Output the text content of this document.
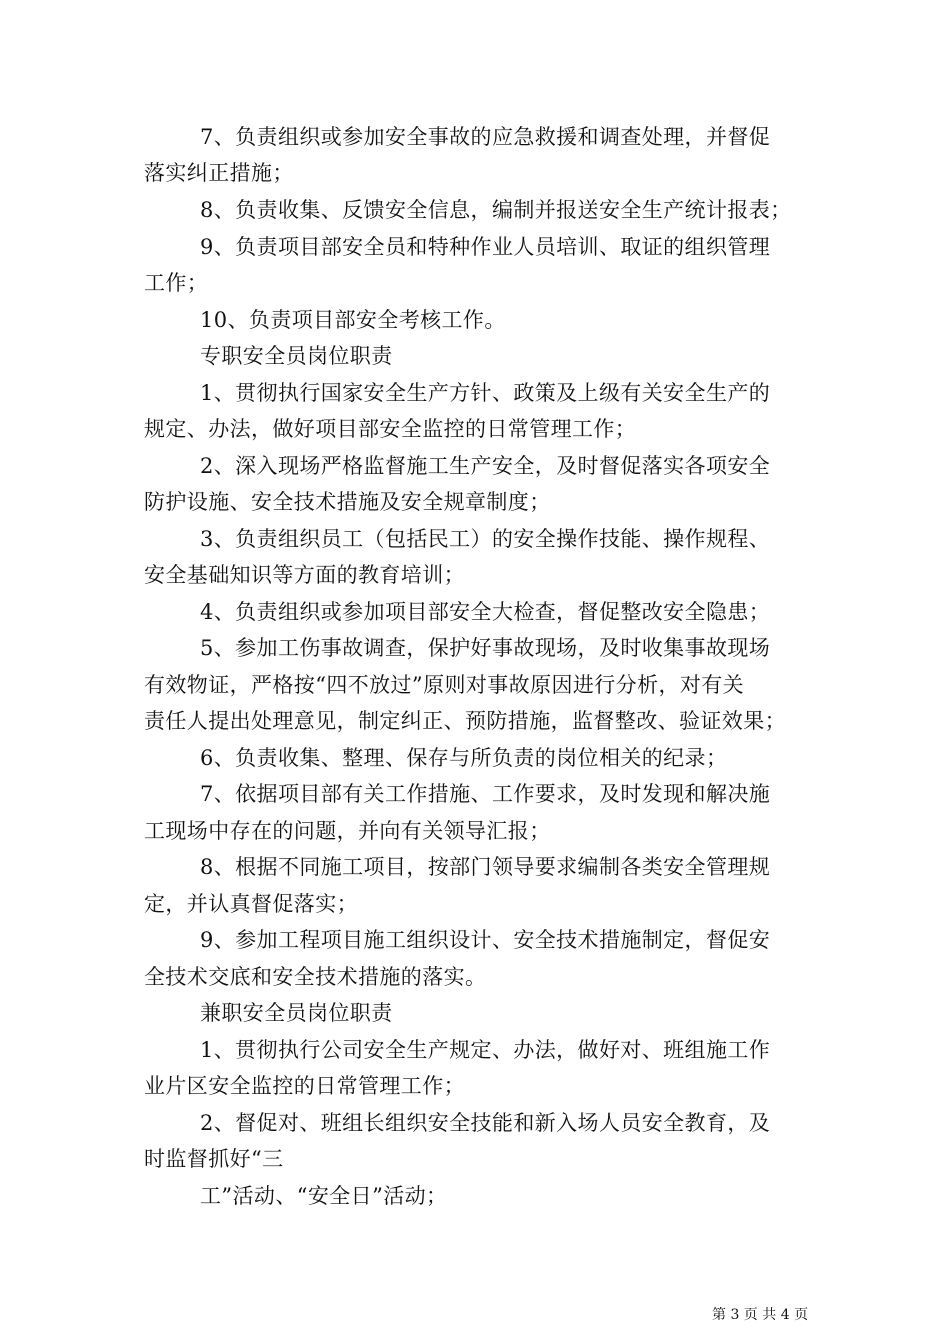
7、负责组织或参加安全事故的应急救援和调查处理，并督促
落实纠正措施；
8、负责收集、反馈安全信息，编制并报送安全生产统计报表；
9、负责项目部安全员和特种作业人员培训、取证的组织管理
工作；
10、负责项目部安全考核工作。
专职安全员岗位职责
1、贯彻执行国家安全生产方针、政策及上级有关安全生产的
规定、办法，做好项目部安全监控的日常管理工作；
2、深入现场严格监督施工生产安全，及时督促落实各项安全
防护设施、安全技术措施及安全规章制度；
3、负责组织员工（包括民工）的安全操作技能、操作规程、
安全基础知识等方面的教育培训；
4、负责组织或参加项目部安全大检查，督促整改安全隐患；
5、参加工伤事故调查，保护好事故现场，及时收集事故现场
有效物证，严格按“四不放过”原则对事故原因进行分析，对有关
责任人提出处理意见，制定纠正、预防措施，监督整改、验证效果；
6、负责收集、整理、保存与所负责的岗位相关的纪录；
7、依据项目部有关工作措施、工作要求，及时发现和解决施
工现场中存在的问题，并向有关领导汇报；
8、根据不同施工项目，按部门领导要求编制各类安全管理规
定，并认真督促落实；
9、参加工程项目施工组织设计、安全技术措施制定，督促安
全技术交底和安全技术措施的落实。
兼职安全员岗位职责
1、贯彻执行公司安全生产规定、办法，做好对、班组施工作
业片区安全监控的日常管理工作；
2、督促对、班组长组织安全技能和新入场人员安全教育，及
时监督抓好“三
工”活动、“安全日”活动；
第 3 页 共 4 页
